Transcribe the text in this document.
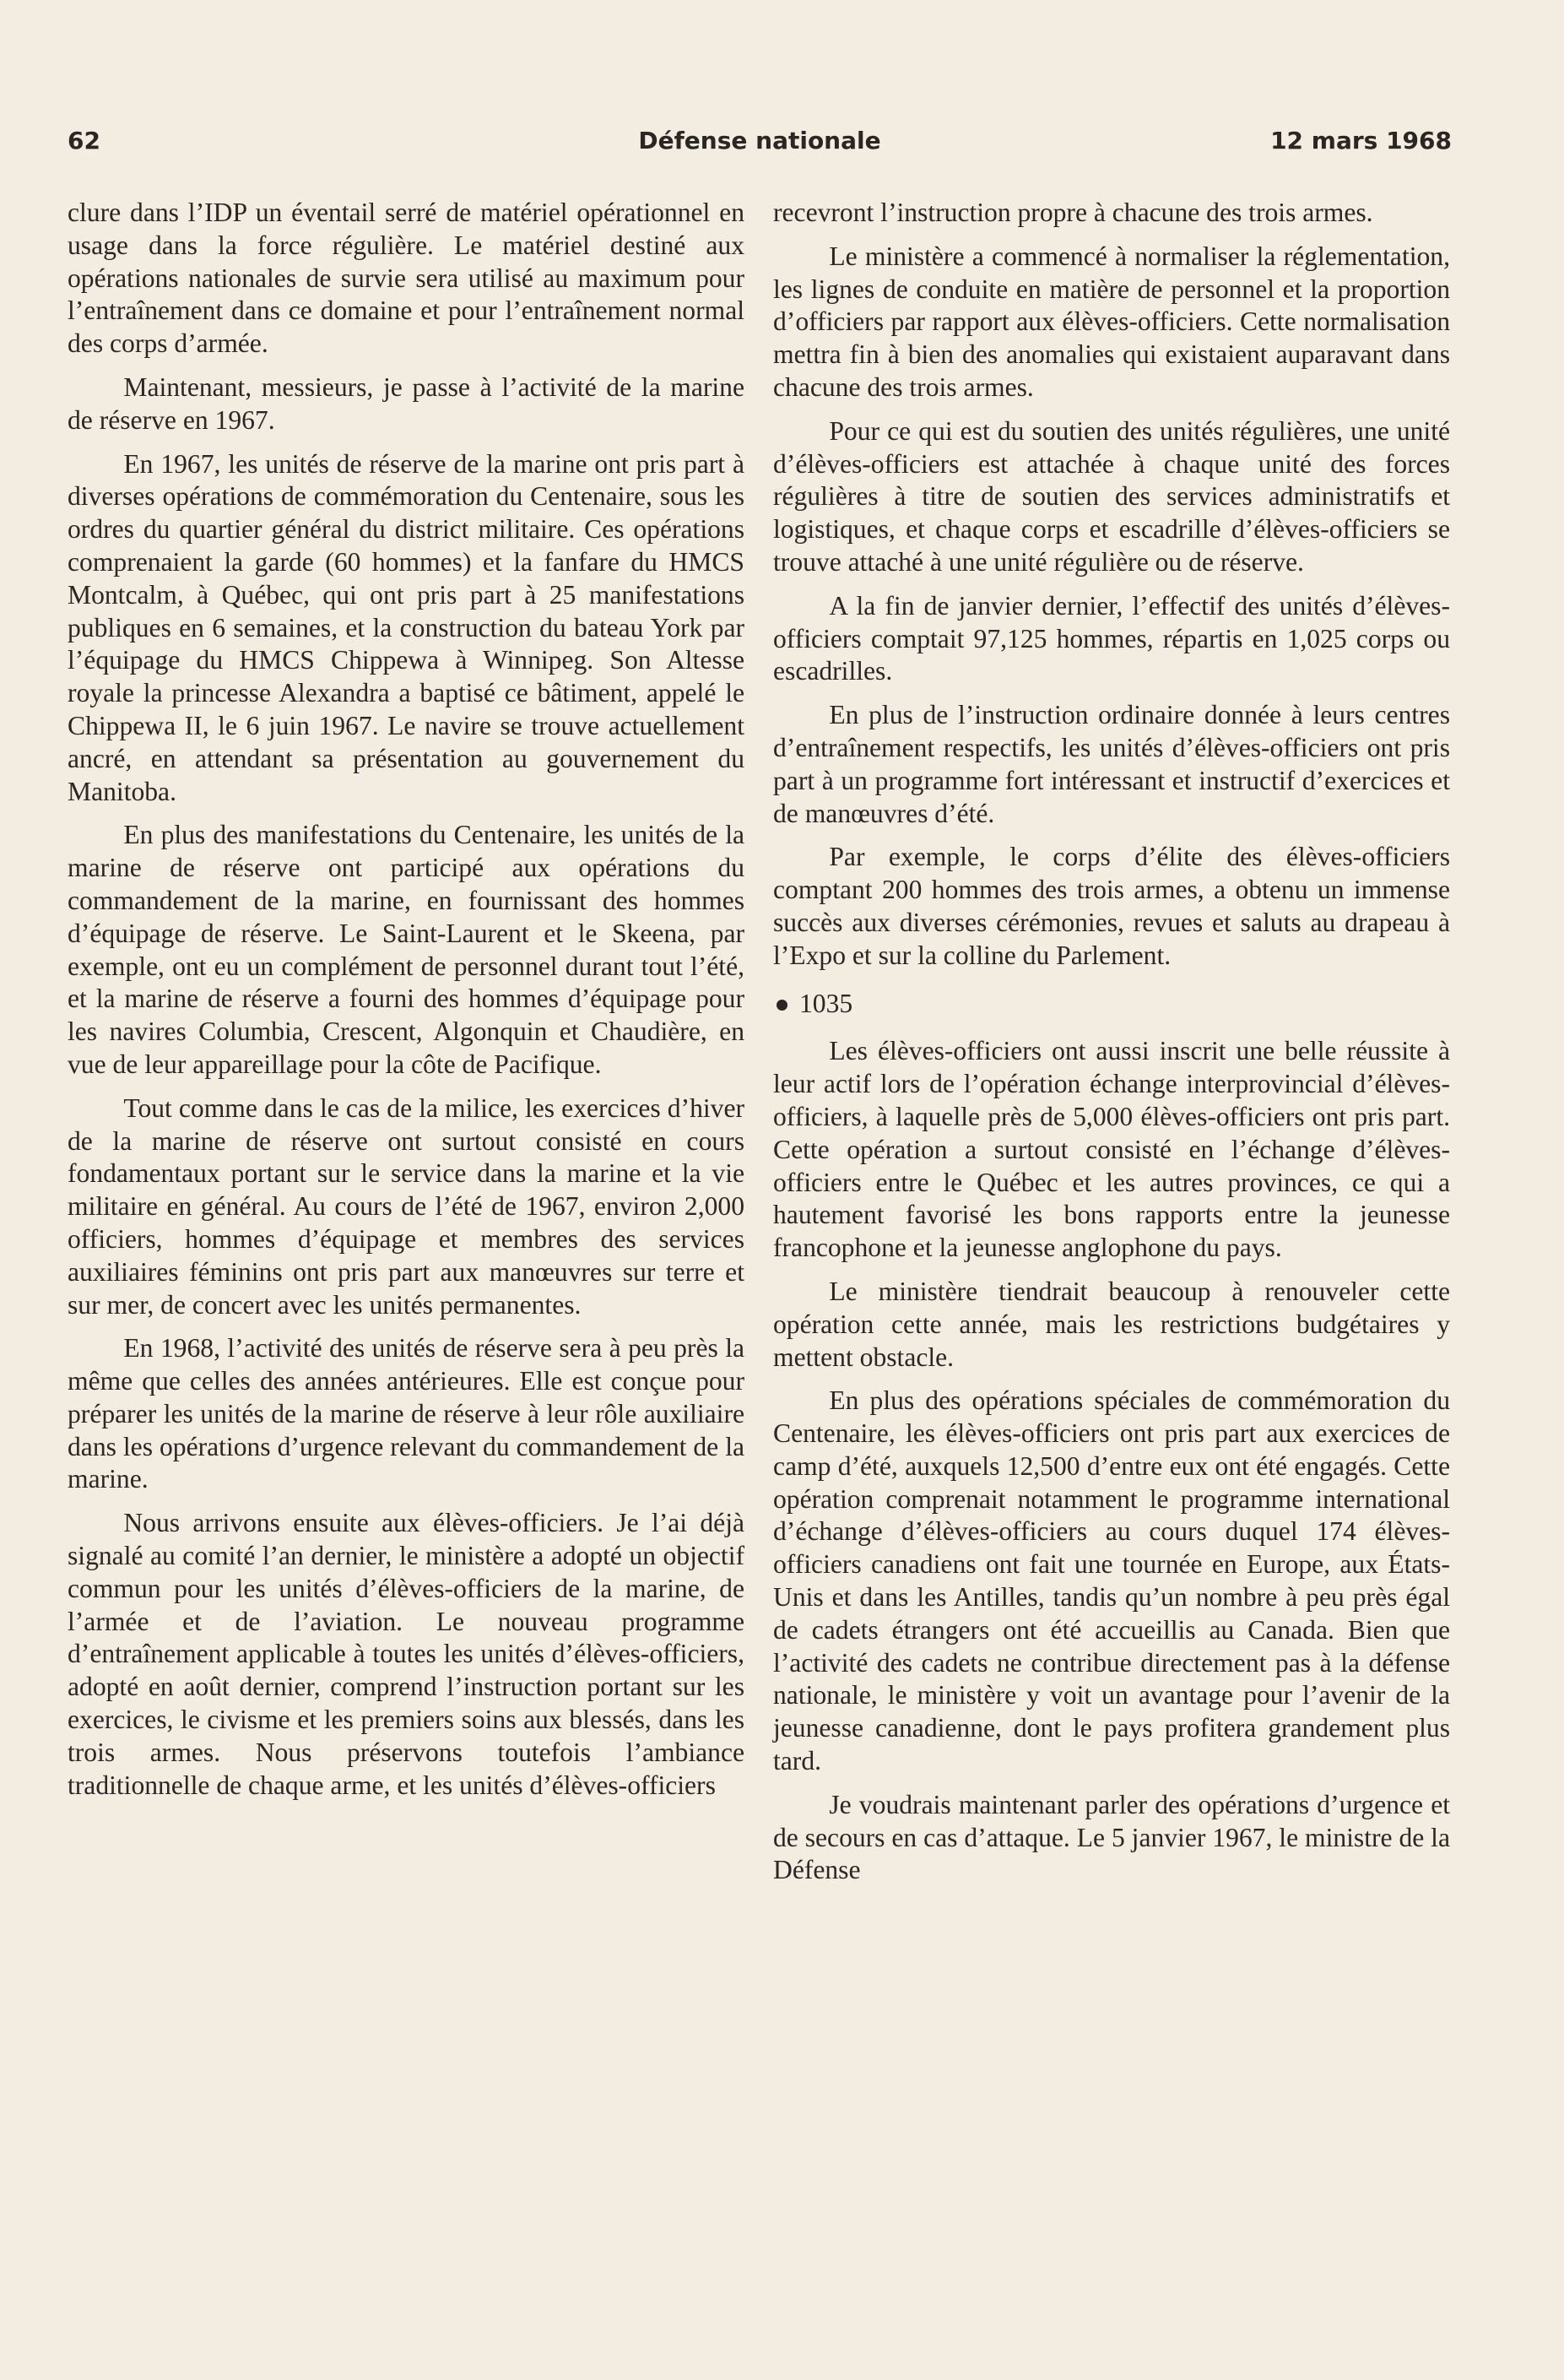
62	Défense nationale	12 mars 1968

clure dans l’IDP un éventail serré de matériel opérationnel en usage dans la force régulière. Le matériel destiné aux opérations nationales de survie sera utilisé au maximum pour l’entraînement dans ce domaine et pour l’entraînement normal des corps d’armée.

Maintenant, messieurs, je passe à l’activité de la marine de réserve en 1967.

En 1967, les unités de réserve de la marine ont pris part à diverses opérations de commémoration du Centenaire, sous les ordres du quartier général du district militaire. Ces opérations comprenaient la garde (60 hommes) et la fanfare du HMCS Montcalm, à Québec, qui ont pris part à 25 manifestations publiques en 6 semaines, et la construction du bateau York par l’équipage du HMCS Chippewa à Winnipeg. Son Altesse royale la princesse Alexandra a baptisé ce bâtiment, appelé le Chippewa II, le 6 juin 1967. Le navire se trouve actuellement ancré, en attendant sa présentation au gouvernement du Manitoba.

En plus des manifestations du Centenaire, les unités de la marine de réserve ont participé aux opérations du commandement de la marine, en fournissant des hommes d’équipage de réserve. Le Saint-Laurent et le Skeena, par exemple, ont eu un complément de personnel durant tout l’été, et la marine de réserve a fourni des hommes d’équipage pour les navires Columbia, Crescent, Algonquin et Chaudière, en vue de leur appareillage pour la côte de Pacifique.

Tout comme dans le cas de la milice, les exercices d’hiver de la marine de réserve ont surtout consisté en cours fondamentaux portant sur le service dans la marine et la vie militaire en général. Au cours de l’été de 1967, environ 2,000 officiers, hommes d’équipage et membres des services auxiliaires féminins ont pris part aux manœuvres sur terre et sur mer, de concert avec les unités permanentes.

En 1968, l’activité des unités de réserve sera à peu près la même que celles des années antérieures. Elle est conçue pour préparer les unités de la marine de réserve à leur rôle auxiliaire dans les opérations d’urgence relevant du commandement de la marine.

Nous arrivons ensuite aux élèves-officiers. Je l’ai déjà signalé au comité l’an dernier, le ministère a adopté un objectif commun pour les unités d’élèves-officiers de la marine, de l’armée et de l’aviation. Le nouveau programme d’entraînement applicable à toutes les unités d’élèves-officiers, adopté en août dernier, comprend l’instruction portant sur les exercices, le civisme et les premiers soins aux blessés, dans les trois armes. Nous préservons toutefois l’ambiance traditionnelle de chaque arme, et les unités d’élèves-officiers

recevront l’instruction propre à chacune des trois armes.

Le ministère a commencé à normaliser la réglementation, les lignes de conduite en matière de personnel et la proportion d’officiers par rapport aux élèves-officiers. Cette normalisation mettra fin à bien des anomalies qui existaient auparavant dans chacune des trois armes.

Pour ce qui est du soutien des unités régulières, une unité d’élèves-officiers est attachée à chaque unité des forces régulières à titre de soutien des services administratifs et logistiques, et chaque corps et escadrille d’élèves-officiers se trouve attaché à une unité régulière ou de réserve.

A la fin de janvier dernier, l’effectif des unités d’élèves-officiers comptait 97,125 hommes, répartis en 1,025 corps ou escadrilles.

En plus de l’instruction ordinaire donnée à leurs centres d’entraînement respectifs, les unités d’élèves-officiers ont pris part à un programme fort intéressant et instructif d’exercices et de manœuvres d’été.

Par exemple, le corps d’élite des élèves-officiers comptant 200 hommes des trois armes, a obtenu un immense succès aux diverses cérémonies, revues et saluts au drapeau à l’Expo et sur la colline du Parlement.

1035

Les élèves-officiers ont aussi inscrit une belle réussite à leur actif lors de l’opération échange interprovincial d’élèves-officiers, à laquelle près de 5,000 élèves-officiers ont pris part. Cette opération a surtout consisté en l’échange d’élèves-officiers entre le Québec et les autres provinces, ce qui a hautement favorisé les bons rapports entre la jeunesse francophone et la jeunesse anglophone du pays.

Le ministère tiendrait beaucoup à renouveler cette opération cette année, mais les restrictions budgétaires y mettent obstacle.

En plus des opérations spéciales de commémoration du Centenaire, les élèves-officiers ont pris part aux exercices de camp d’été, auxquels 12,500 d’entre eux ont été engagés. Cette opération comprenait notamment le programme international d’échange d’élèves-officiers au cours duquel 174 élèves-officiers canadiens ont fait une tournée en Europe, aux États-Unis et dans les Antilles, tandis qu’un nombre à peu près égal de cadets étrangers ont été accueillis au Canada. Bien que l’activité des cadets ne contribue directement pas à la défense nationale, le ministère y voit un avantage pour l’avenir de la jeunesse canadienne, dont le pays profitera grandement plus tard.

Je voudrais maintenant parler des opérations d’urgence et de secours en cas d’attaque. Le 5 janvier 1967, le ministre de la Défense
